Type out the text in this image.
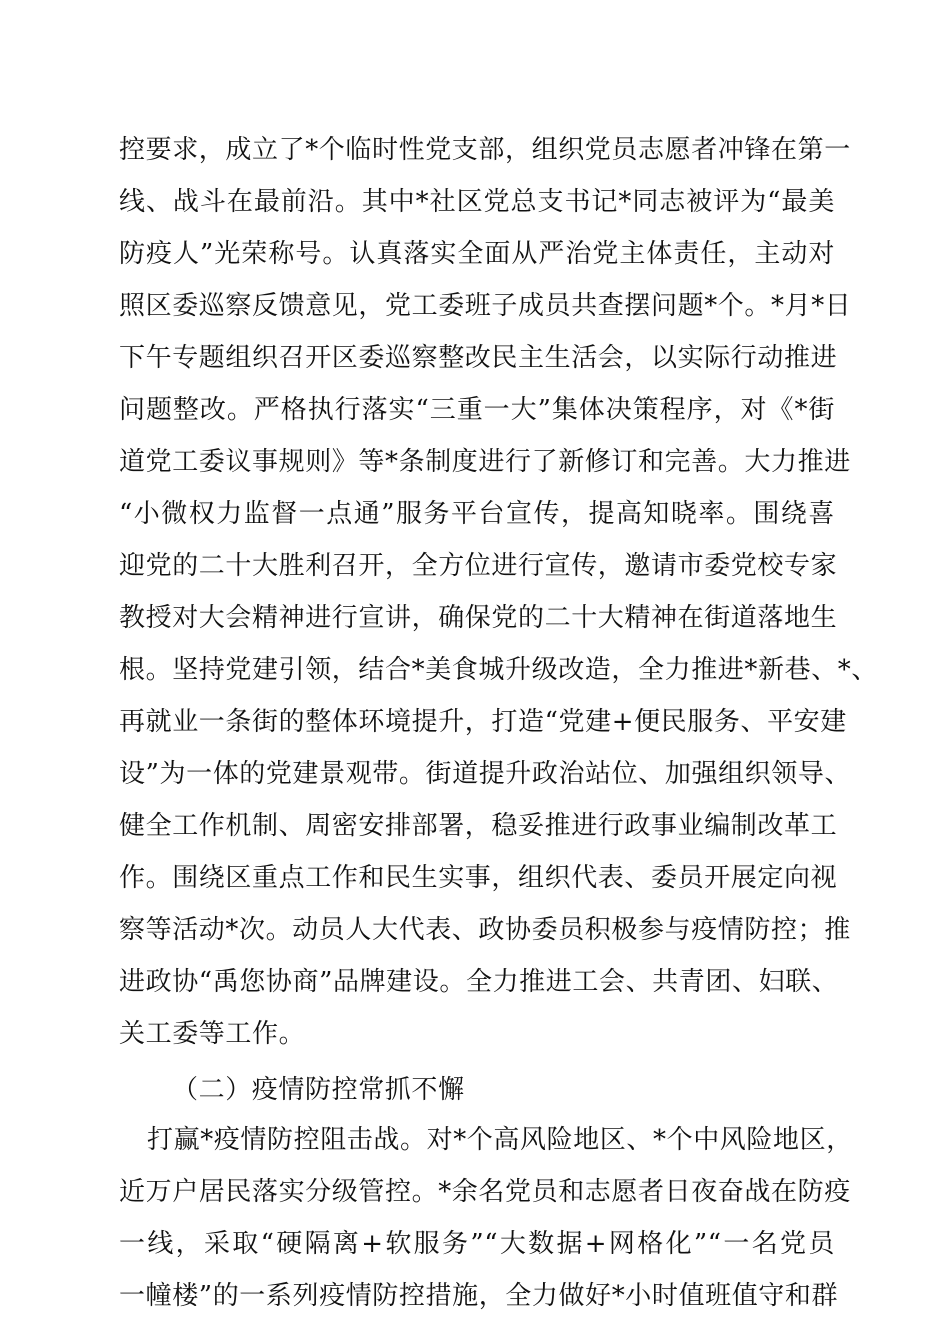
控要求，成立了*个临时性党支部，组织党员志愿者冲锋在第一
线、战斗在最前沿。其中*社区党总支书记*同志被评为“最美
防疫人”光荣称号。认真落实全面从严治党主体责任，主动对
照区委巡察反馈意见，党工委班子成员共查摆问题*个。*月*日
下午专题组织召开区委巡察整改民主生活会，以实际行动推进
问题整改。严格执行落实“三重一大”集体决策程序，对《*街
道党工委议事规则》等*条制度进行了新修订和完善。大力推进
“小微权力监督一点通”服务平台宣传，提高知晓率。围绕喜
迎党的二十大胜利召开，全方位进行宣传，邀请市委党校专家
教授对大会精神进行宣讲，确保党的二十大精神在街道落地生
根。坚持党建引领，结合*美食城升级改造，全力推进*新巷、*、
再就业一条街的整体环境提升，打造“党建+便民服务、平安建
设”为一体的党建景观带。街道提升政治站位、加强组织领导、
健全工作机制、周密安排部署，稳妥推进行政事业编制改革工
作。围绕区重点工作和民生实事，组织代表、委员开展定向视
察等活动*次。动员人大代表、政协委员积极参与疫情防控；推
进政协“禹您协商”品牌建设。全力推进工会、共青团、妇联、
关工委等工作。
（二）疫情防控常抓不懈
打赢*疫情防控阻击战。对*个高风险地区、*个中风险地区，
近万户居民落实分级管控。*余名党员和志愿者日夜奋战在防疫
一线，采取“硬隔离+软服务”“大数据+网格化”“一名党员
一幢楼”的一系列疫情防控措施，全力做好*小时值班值守和群
